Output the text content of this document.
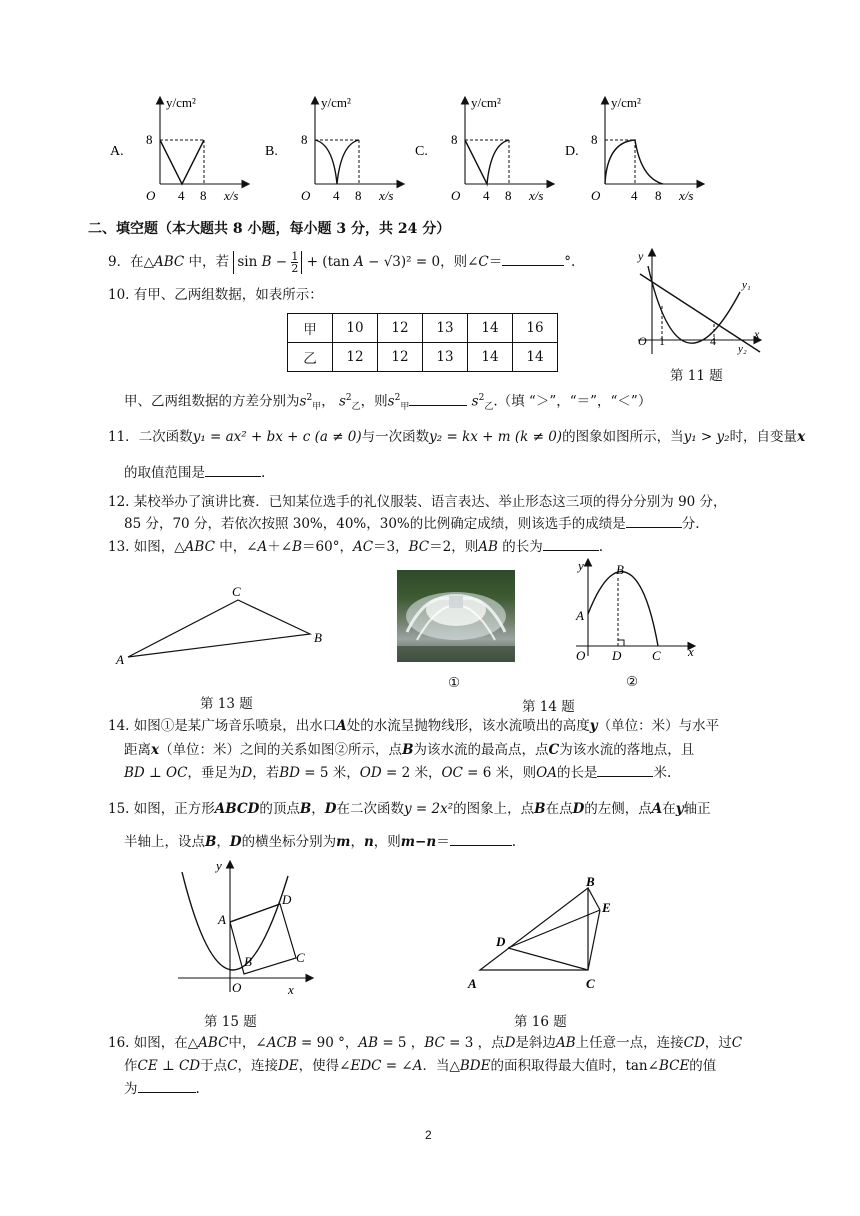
A.
y/cm²
8
O 4 8 x/s
B.
y/cm²
8
O 4 8 x/s
C.
y/cm²
8
O 4 8 x/s
D.
y/cm²
8
O 4 8 x/s
二、填空题（本大题共 8 小题，每小题 3 分，共 24 分）
9．在△ABC 中，若 $\sin B - \frac{1}{2} + (\tan$ A − √3)² = 0，则∠C＝	°.	y
y₁
y₂
O 1	4	x
第 11 题
10. 有甲、乙两组数据，如表所示：
甲	10	12	13	14	16
乙	12	12	13	14	14
甲、乙两组数据的方差分别为$s^2_甲$， $s^2_乙$，则$s^2_甲$	$s^2_乙$.（填 “＞”，“＝”，“＜”）
11．二次函数y₁ = ax² + bx + c (a ≠ 0)与一次函数y₂ = kx + m (k ≠ 0)的图象如图所示，当y₁ > y₂时，自变量x
的取值范围是	.
12. 某校举办了演讲比赛．已知某位选手的礼仪服装、语言表达、举止形态这三项的得分分别为 90 分，
85 分，70 分，若依次按照 30%，40%，30%的比例确定成绩，则该选手的成绩是	分.
13. 如图，△ABC 中，∠A＋∠B＝60°，AC＝3，BC＝2，则AB 的长为	.
C
A
B
第 13 题
①
y B
A
O D C x
②
第 14 题
14. 如图①是某广场音乐喷泉，出水口A处的水流呈抛物线形，该水流喷出的高度y（单位：米）与水平
距离x（单位：米）之间的关系如图②所示，点B为该水流的最高点，点C为该水流的落地点，且
BD ⊥ OC，垂足为D，若BD = 5 米，OD = 2 米，OC = 6 米，则OA的长是	米.
15. 如图，正方形ABCD的顶点B，D在二次函数y = 2x²的图象上，点B在点D的左侧，点A在y轴正
半轴上，设点B，D的横坐标分别为m，n，则m−n＝	.
y
A
D
C
B
O	x
第 15 题
B
E
D
A	C
第 16 题
16. 如图，在△ABC中，∠ACB = 90 °，AB = 5 ，BC = 3 ，点D是斜边AB上任意一点，连接CD，过C
作CE ⊥ CD于点C，连接DE，使得∠EDC = ∠A．当△BDE的面积取得最大值时，tan∠BCE的值
为	.
2
